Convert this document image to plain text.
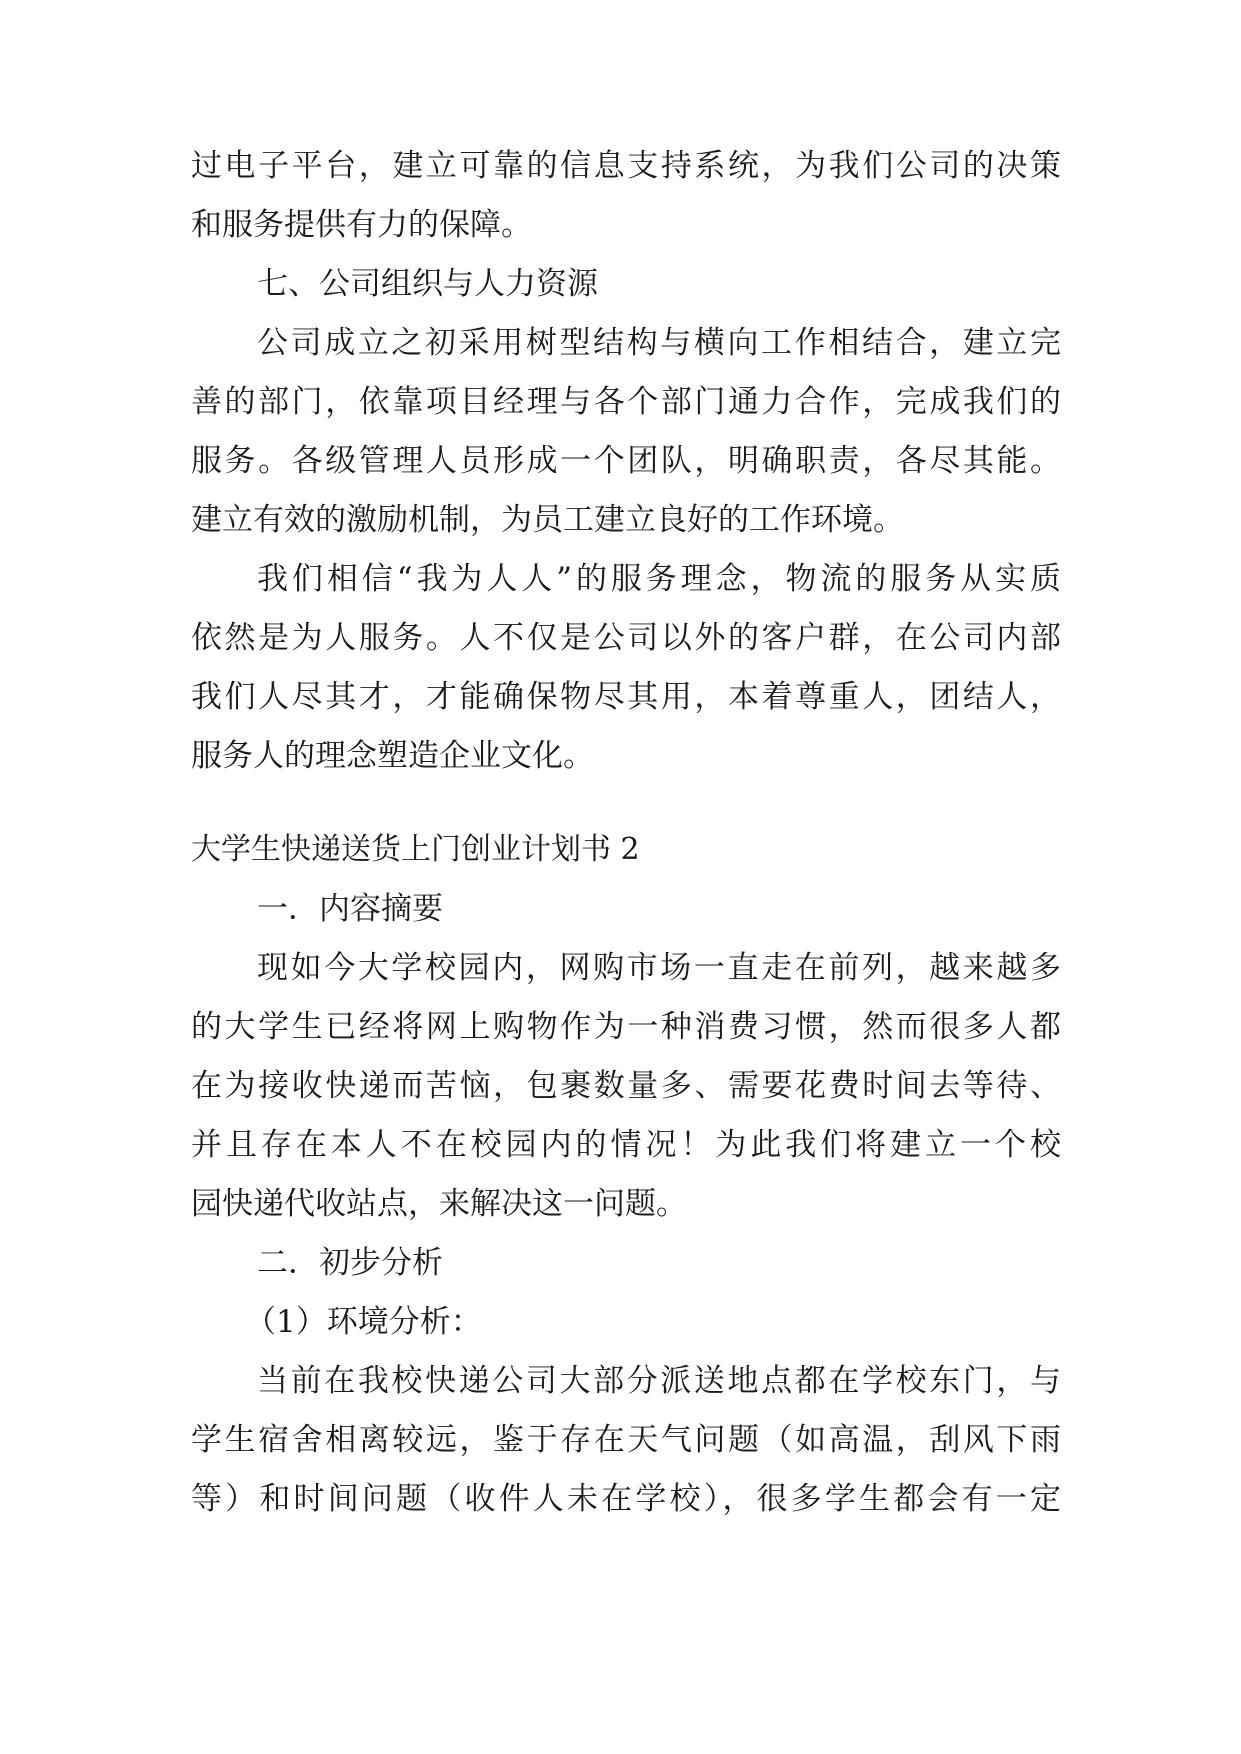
过电子平台，建立可靠的信息支持系统，为我们公司的决策
和服务提供有力的保障。
七、公司组织与人力资源
公司成立之初采用树型结构与横向工作相结合，建立完
善的部门，依靠项目经理与各个部门通力合作，完成我们的
服务。各级管理人员形成一个团队，明确职责，各尽其能。
建立有效的激励机制，为员工建立良好的工作环境。
我们相信“我为人人”的服务理念，物流的服务从实质
依然是为人服务。人不仅是公司以外的客户群，在公司内部
我们人尽其才，才能确保物尽其用，本着尊重人，团结人，
服务人的理念塑造企业文化。
大学生快递送货上门创业计划书 2
一．内容摘要
现如今大学校园内，网购市场一直走在前列，越来越多
的大学生已经将网上购物作为一种消费习惯，然而很多人都
在为接收快递而苦恼，包裹数量多、需要花费时间去等待、
并且存在本人不在校园内的情况！为此我们将建立一个校
园快递代收站点，来解决这一问题。
二．初步分析
（1）环境分析：
当前在我校快递公司大部分派送地点都在学校东门，与
学生宿舍相离较远，鉴于存在天气问题（如高温，刮风下雨
等）和时间问题（收件人未在学校），很多学生都会有一定
